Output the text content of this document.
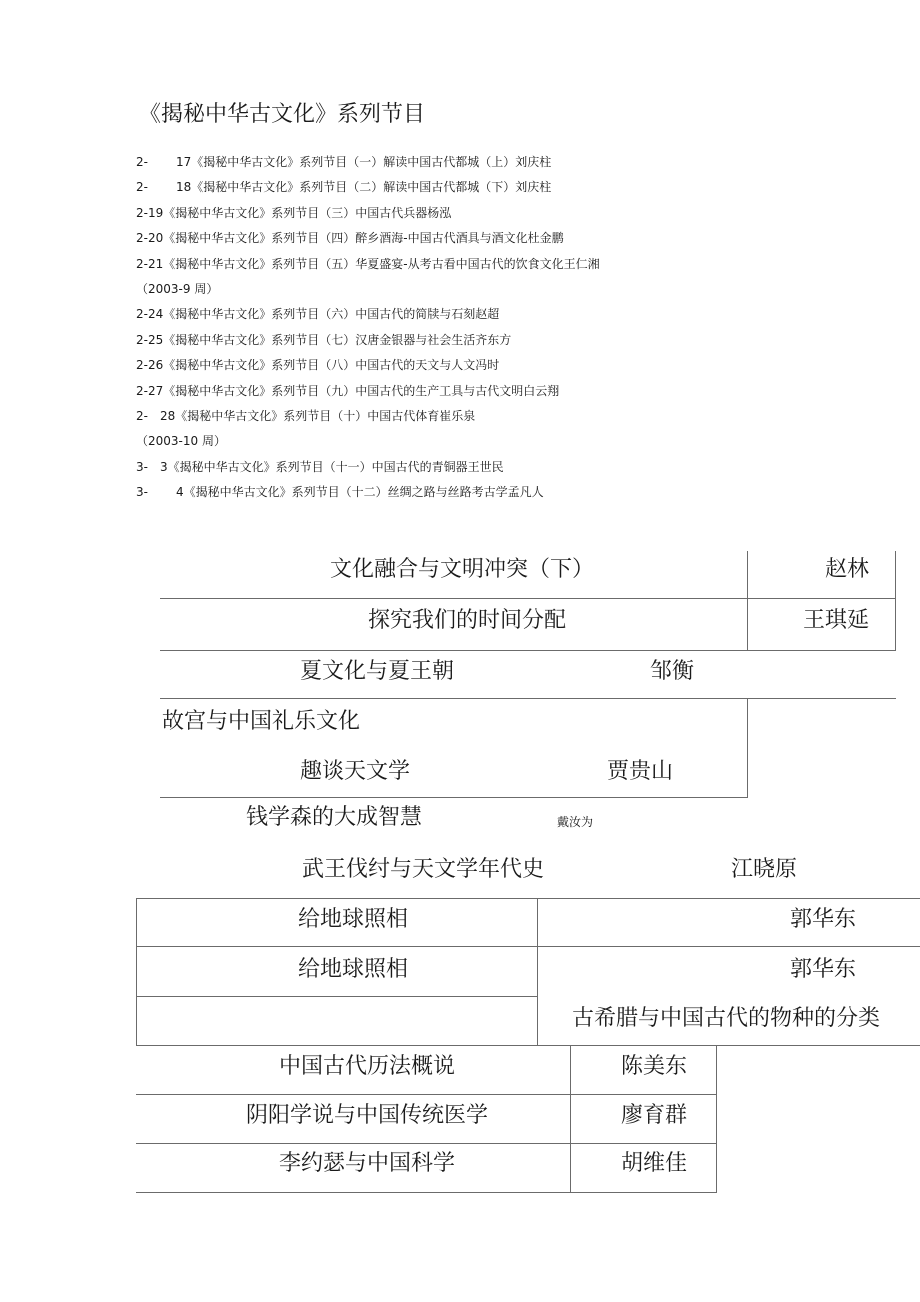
《揭秘中华古文化》系列节目
2-	17《揭秘中华古文化》系列节目（一）解读中国古代都城（上）刘庆柱
2-	18《揭秘中华古文化》系列节目（二）解读中国古代都城（下）刘庆柱
2-19《揭秘中华古文化》系列节目（三）中国古代兵器杨泓
2-20《揭秘中华古文化》系列节目（四）醉乡酒海-中国古代酒具与酒文化杜金鹏
2-21《揭秘中华古文化》系列节目（五）华夏盛宴-从考古看中国古代的饮食文化王仁湘
（2003-9 周）
2-24《揭秘中华古文化》系列节目（六）中国古代的简牍与石刻赵超
2-25《揭秘中华古文化》系列节目（七）汉唐金银器与社会生活齐东方
2-26《揭秘中华古文化》系列节目（八）中国古代的天文与人文冯时
2-27《揭秘中华古文化》系列节目（九）中国古代的生产工具与古代文明白云翔
2-	28《揭秘中华古文化》系列节目（十）中国古代体育崔乐泉
（2003-10 周）
3-	3《揭秘中华古文化》系列节目（十一）中国古代的青铜器王世民
3-	4《揭秘中华古文化》系列节目（十二）丝绸之路与丝路考古学孟凡人
文化融合与文明冲突（下）	赵林
探究我们的时间分配	王琪延
夏文化与夏王朝	邹衡
故宫与中国礼乐文化
趣谈天文学	贾贵山
钱学森的大成智慧	戴汝为
武王伐纣与天文学年代史	江晓原
给地球照相	郭华东
给地球照相	郭华东
古希腊与中国古代的物种的分类
中国古代历法概说	陈美东
阴阳学说与中国传统医学	廖育群
李约瑟与中国科学	胡维佳
